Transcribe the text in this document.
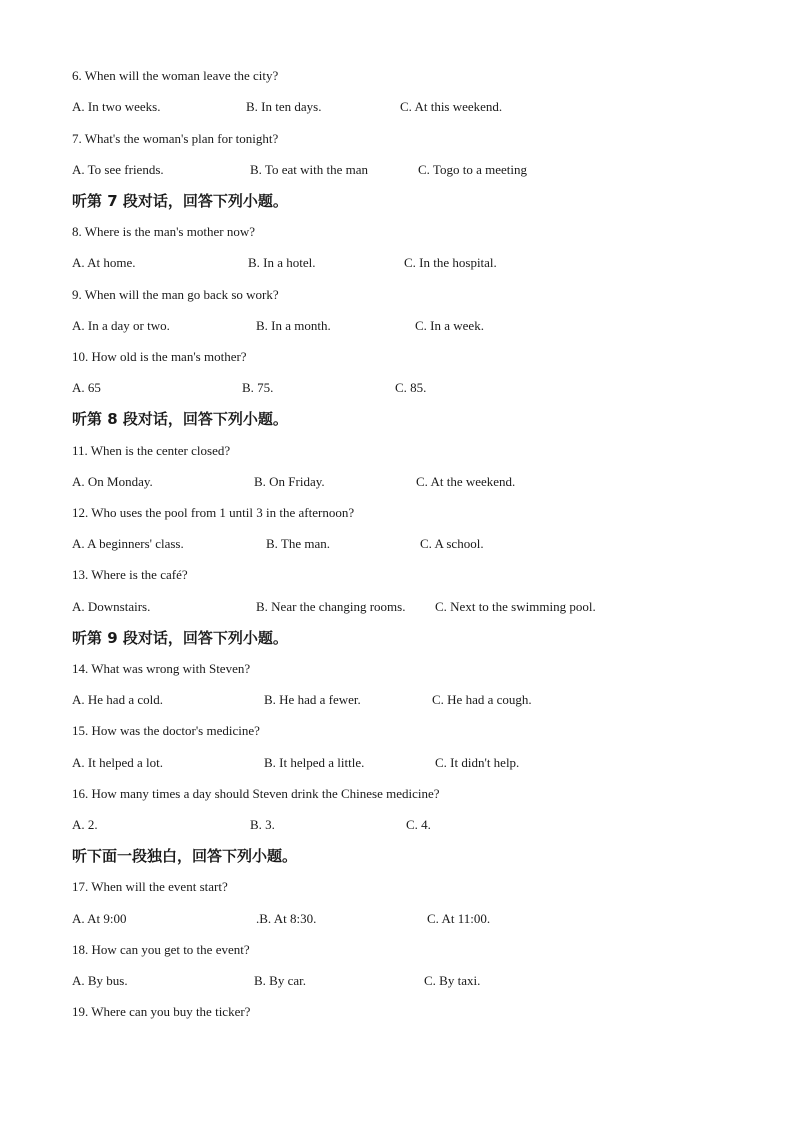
6. When will the woman leave the city?
A. In two weeks.	B. In ten days.	C. At this weekend.
7. What's the woman's plan for tonight?
A. To see friends.	B. To eat with the man	C. Togo to a meeting
听第 7 段对话，回答下列小题。
8. Where is the man's mother now?
A. At home.	B. In a hotel.	C. In the hospital.
9. When will the man go back so work?
A. In a day or two.	B. In a month.	C. In a week.
10. How old is the man's mother?
A. 65	B. 75.	C. 85.
听第 8 段对话，回答下列小题。
11. When is the center closed?
A. On Monday.	B. On Friday.	C. At the weekend.
12. Who uses the pool from 1 until 3 in the afternoon?
A. A beginners' class.	B. The man.	C. A school.
13. Where is the café?
A. Downstairs.	B. Near the changing rooms. C. Next to the swimming pool.
听第 9 段对话，回答下列小题。
14. What was wrong with Steven?
A. He had a cold.	B. He had a fewer.	C. He had a cough.
15. How was the doctor's medicine?
A. It helped a lot.	B. It helped a little.	C. It didn't help.
16. How many times a day should Steven drink the Chinese medicine?
A. 2.	B. 3.	C. 4.
听下面一段独白，回答下列小题。
17. When will the event start?
A. At 9:00	.B. At 8:30.	C. At 11:00.
18. How can you get to the event?
A. By bus.	B. By car.	C. By taxi.
19. Where can you buy the ticker?
